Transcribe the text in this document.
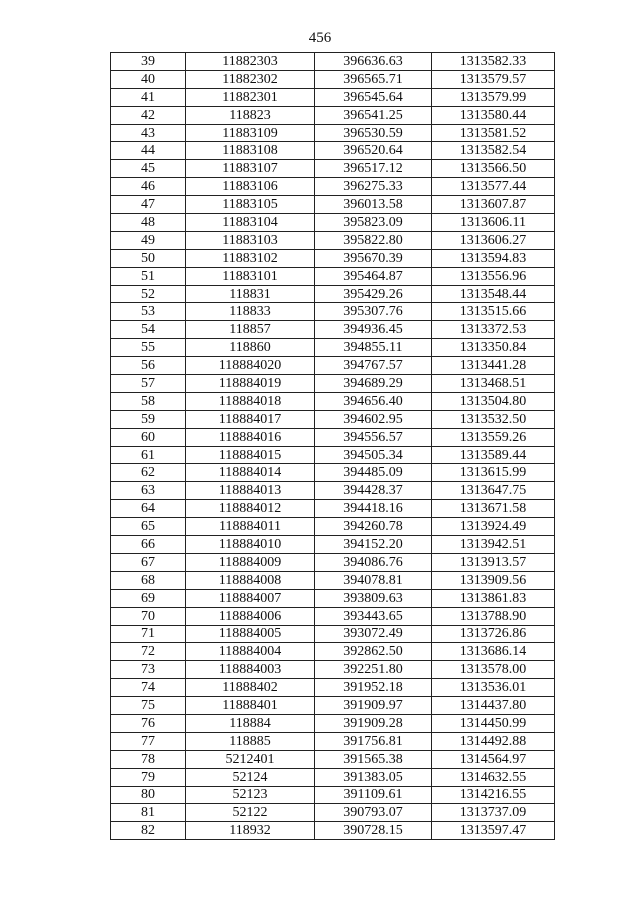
456
39	11882303	396636.63	1313582.33
40	11882302	396565.71	1313579.57
41	11882301	396545.64	1313579.99
42	118823	396541.25	1313580.44
43	11883109	396530.59	1313581.52
44	11883108	396520.64	1313582.54
45	11883107	396517.12	1313566.50
46	11883106	396275.33	1313577.44
47	11883105	396013.58	1313607.87
48	11883104	395823.09	1313606.11
49	11883103	395822.80	1313606.27
50	11883102	395670.39	1313594.83
51	11883101	395464.87	1313556.96
52	118831	395429.26	1313548.44
53	118833	395307.76	1313515.66
54	118857	394936.45	1313372.53
55	118860	394855.11	1313350.84
56	118884020	394767.57	1313441.28
57	118884019	394689.29	1313468.51
58	118884018	394656.40	1313504.80
59	118884017	394602.95	1313532.50
60	118884016	394556.57	1313559.26
61	118884015	394505.34	1313589.44
62	118884014	394485.09	1313615.99
63	118884013	394428.37	1313647.75
64	118884012	394418.16	1313671.58
65	118884011	394260.78	1313924.49
66	118884010	394152.20	1313942.51
67	118884009	394086.76	1313913.57
68	118884008	394078.81	1313909.56
69	118884007	393809.63	1313861.83
70	118884006	393443.65	1313788.90
71	118884005	393072.49	1313726.86
72	118884004	392862.50	1313686.14
73	118884003	392251.80	1313578.00
74	11888402	391952.18	1313536.01
75	11888401	391909.97	1314437.80
76	118884	391909.28	1314450.99
77	118885	391756.81	1314492.88
78	5212401	391565.38	1314564.97
79	52124	391383.05	1314632.55
80	52123	391109.61	1314216.55
81	52122	390793.07	1313737.09
82	118932	390728.15	1313597.47
